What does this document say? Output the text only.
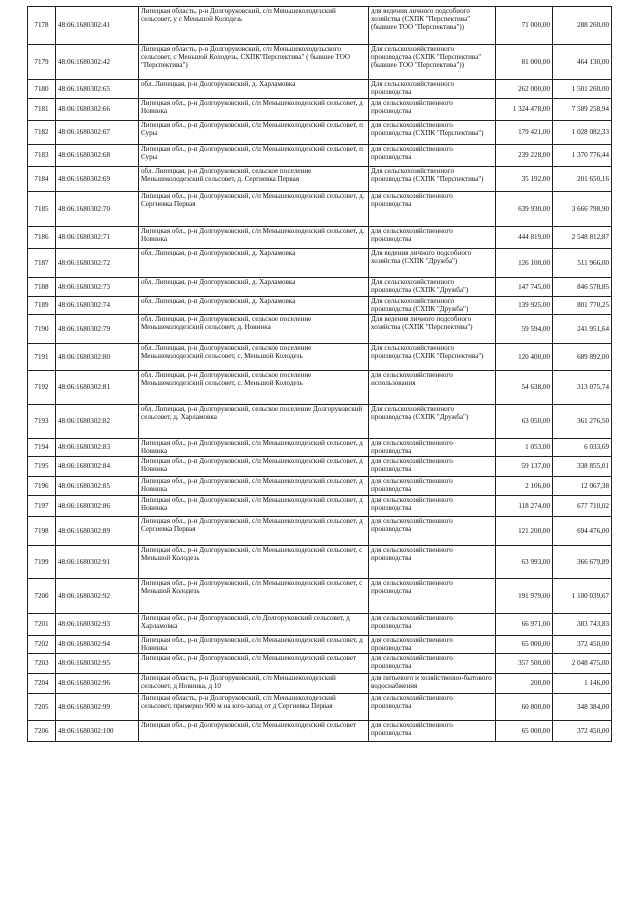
7178	48:06:1680302:41	Липецкая область, р-н Долгоруковский, с/п Меньшеколодезский сельсовет, у с Меньшой Колодезь	для ведения личного подсобного хозяйства (СХПК "Перспектива"(бывшее ТОО "Перспектива"))	71 000,00	288 260,00
7179	48:06:1680302:42	Липецкая область, р-н Долгоруковский, с/п Меньшеколодезьского сельсовет, с Меньшой Колодезь, СХПК"Перспектива" ( бывшее ТОО "Перспектива")	Для сельскохозяйственного производства (СХПК "Перспектива"(бывшее ТОО "Перспектива"))	81 000,00	464 130,00
7180	48:06:1680302:65	обл. Липецкая, р-н Долгоруковский, д. Харламовка	Для сельскохозяйственного производства	262 000,00	1 501 260,00
7181	48:06:1680302:66	Липецкая обл., р-н Долгоруковский, с/п Меньшеколодезский сельсовет, д Новинка	для сельскохозяйственного производства	1 324 478,00	7 589 258,94
7182	48:06:1680302:67	Липецкая обл., р-н Долгоруковский, с/п Меньшеколодезский сельсовет, п Суры	для сельскохозяйственного производства (СХПК "Перспектива")	179 421,00	1 028 082,33
7183	48:06:1680302:68	Липецкая обл., р-н Долгоруковский, с/п Меньшеколодезский сельсовет, п Суры	для сельскохозяйственного производства	239 228,00	1 370 776,44
7184	48:06:1680302:69	обл. Липецкая, р-н Долгоруковский, сельское поселение Меньшеколодезский сельсовет, д. Сергиевка Первая	Для сельскохозяйственного производства (СХПК "Перспектива")	35 192,00	201 650,16
7185	48:06:1680302:70	Липецкая обл., р-н Долгоруковский, с/п Меньшеколодезский сельсовет, д. Сергиевка Первая	для сельскохозяйственного производства	639 930,00	3 666 798,90
7186	48:06:1680302:71	Липецкая обл., р-н Долгоруковский, с/п Меньшеколодезский сельсовет, д. Новинка	для сельскохозяйственного производства	444 819,00	2 548 812,87
7187	48:06:1680302:72	обл. Липецкая, р-н Долгоруковский, д. Харламовка	Для ведения личного подсобного хозяйства (СХПК "Дружба")	126 100,00	511 966,00
7188	48:06:1680302:73	обл. Липецкая, р-н Долгоруковский, д. Харламовка	Для сельскохозяйственного производства (СХПК "Дружба")	147 745,00	846 578,85
7189	48:06:1680302:74	обл. Липецкая, р-н Долгоруковский, д. Харламовка	Для сельскохозяйственного производства (СХПК "Дружба")	139 925,00	801 770,25
7190	48:06:1680302:79	обл. Липецкая, р-н Долгоруковский, сельское поселение Меньшеколодезский сельсовет, д. Новинка	Для ведения личного подсобного хозяйства (СХПК "Перспектива")	59 594,00	241 951,64
7191	48:06:1680302:80	обл. Липецкая, р-н Долгоруковский, сельское поселение Меньшеколодезский сельсовет, с. Меньшой Колодезь	Для сельскохозяйственного производства (СХПК "Перспектива")	120 400,00	689 892,00
7192	48:06:1680302:81	обл. Липецкая, р-н Долгоруковский, сельское поселение Меньшеколодезский сельсовет, с. Меньшой Колодезь	для сельскохозяйственного использования	54 638,00	313 075,74
7193	48:06:1680302:82	обл. Липецкая, р-н Долгоруковский, сельское поселение Долгоруковский сельсовет, д. Харламовка	Для сельскохозяйственного производства (СХПК "Дружба")	63 050,00	361 276,50
7194	48:06:1680302:83	Липецкая обл., р-н Долгоруковский, с/п Меньшеколодезский сельсовет, д Новинка	для сельскохозяйственного производства	1 053,00	6 033,69
7195	48:06:1680302:84	Липецкая обл., р-н Долгоруковский, с/п Меньшеколодезский сельсовет, д Новинка	для сельскохозяйственного производства	59 137,00	338 855,01
7196	48:06:1680302:85	Липецкая обл., р-н Долгоруковский, с/п Меньшеколодезский сельсовет, д Новинка	для сельскохозяйственного производства	2 106,00	12 067,38
7197	48:06:1680302:86	Липецкая обл., р-н Долгоруковский, с/п Меньшеколодезский сельсовет, д Новинка	для сельскохозяйственного производства	118 274,00	677 710,02
7198	48:06:1680302:89	Липецкая обл., р-н Долгоруковский, с/п Меньшеколодезский сельсовет, д Сергиевка Первая	для сельскохозяйственного производства	121 200,00	694 476,00
7199	48:06:1680302:91	Липецкая обл., р-н Долгоруковский, с/п Меньшеколодезский сельсовет, с Меньшой Колодезь	для сельскохозяйственного производства	63 993,00	366 679,89
7200	48:06:1680302:92	Липецкая обл., р-н Долгоруковский, с/п Меньшеколодезский сельсовет, с Меньшой Колодезь	для сельскохозяйственного производства	191 979,00	1 100 039,67
7201	48:06:1680302:93	Липецкая обл., р-н Долгоруковский, с/п Долгоруковский сельсовет, д Харламовка	для сельскохозяйственного производства	66 971,00	383 743,83
7202	48:06:1680302:94	Липецкая обл., р-н Долгоруковский, с/п Меньшеколодезский сельсовет, д Новинка	для сельскохозяйственного производства	65 000,00	372 450,00
7203	48:06:1680302:95	Липецкая обл., р-н Долгоруковский, с/п Меньшеколодезский сельсовет	для сельскохозяйственного производства	357 500,00	2 048 475,00
7204	48:06:1680302:96	Липецкая область, р-н Долгоруковский, с/п Меньшеколодезский сельсовет, д Новинка, д 10	для питьевого и хозяйственно-бытового водоснабжения	200,00	1 146,00
7205	48:06:1680302:99	Липецкая область, р-н Долгоруковский, с/п Меньшеколодезский сельсовет, примерно 900 м на юго-запад от д Сергиевка Первая	для сельскохозяйственного производства	60 800,00	348 384,00
7206	48:06:1680302:100	Липецкая обл., р-н Долгоруковский, с/п Меньшеколодезский сельсовет	для сельскохозяйственного производства	65 000,00	372 450,00
